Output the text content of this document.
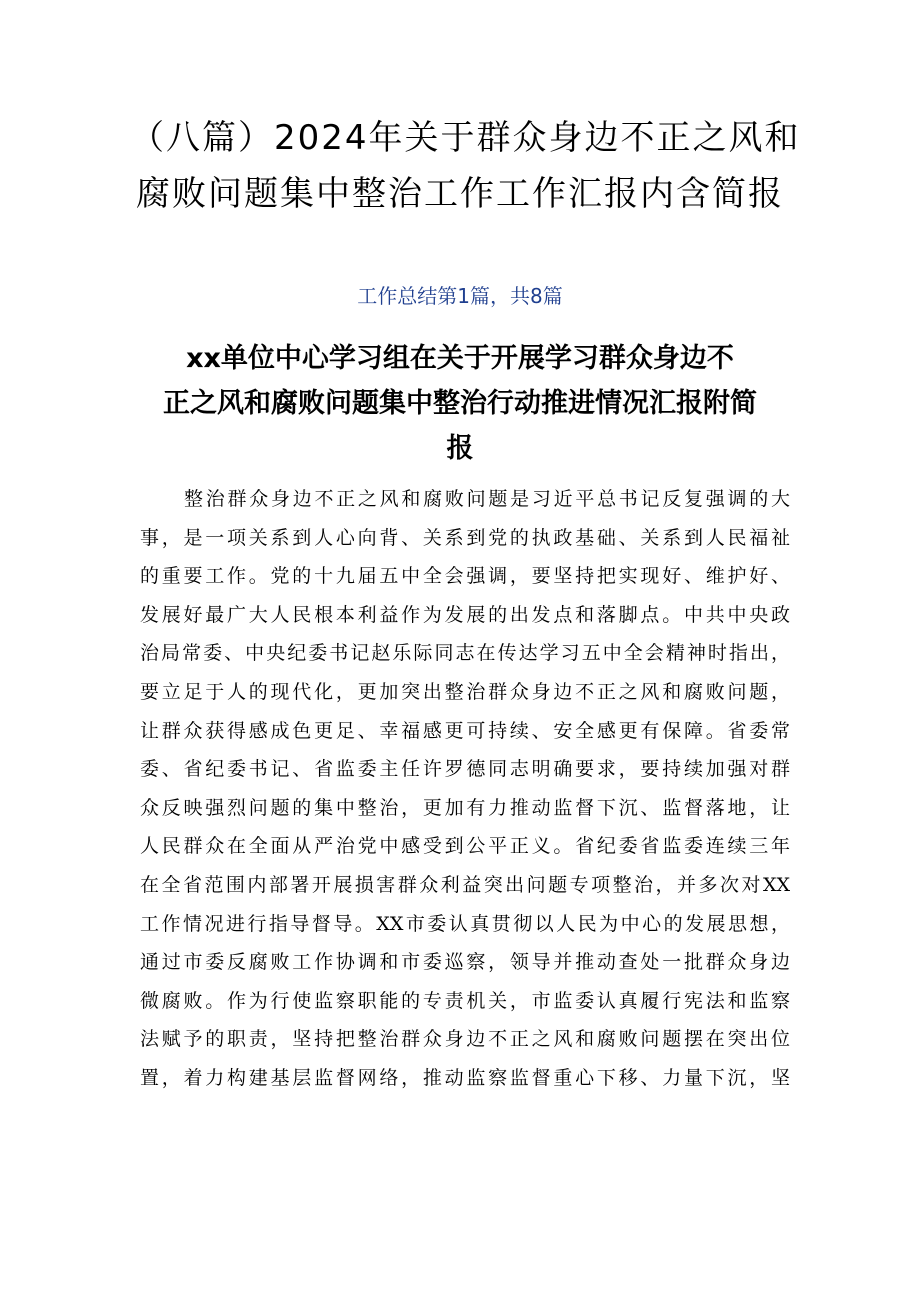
（八篇）2024年关于群众身边不正之风和
腐败问题集中整治工作工作汇报内含简报

工作总结第1篇，共8篇

xx单位中心学习组在关于开展学习群众身边不
正之风和腐败问题集中整治行动推进情况汇报附简
报
整治群众身边不正之风和腐败问题是习近平总书记反复强调的大
事，是一项关系到人心向背、关系到党的执政基础、关系到人民福祉
的重要工作。党的十九届五中全会强调，要坚持把实现好、维护好、
发展好最广大人民根本利益作为发展的出发点和落脚点。中共中央政
治局常委、中央纪委书记赵乐际同志在传达学习五中全会精神时指出，
要立足于人的现代化，更加突出整治群众身边不正之风和腐败问题，
让群众获得感成色更足、幸福感更可持续、安全感更有保障。省委常
委、省纪委书记、省监委主任许罗德同志明确要求，要持续加强对群
众反映强烈问题的集中整治，更加有力推动监督下沉、监督落地，让
人民群众在全面从严治党中感受到公平正义。省纪委省监委连续三年
在全省范围内部署开展损害群众利益突出问题专项整治，并多次对XX
工作情况进行指导督导。XX市委认真贯彻以人民为中心的发展思想，
通过市委反腐败工作协调和市委巡察，领导并推动查处一批群众身边
微腐败。作为行使监察职能的专责机关，市监委认真履行宪法和监察
法赋予的职责，坚持把整治群众身边不正之风和腐败问题摆在突出位
置，着力构建基层监督网络，推动监察监督重心下移、力量下沉，坚
